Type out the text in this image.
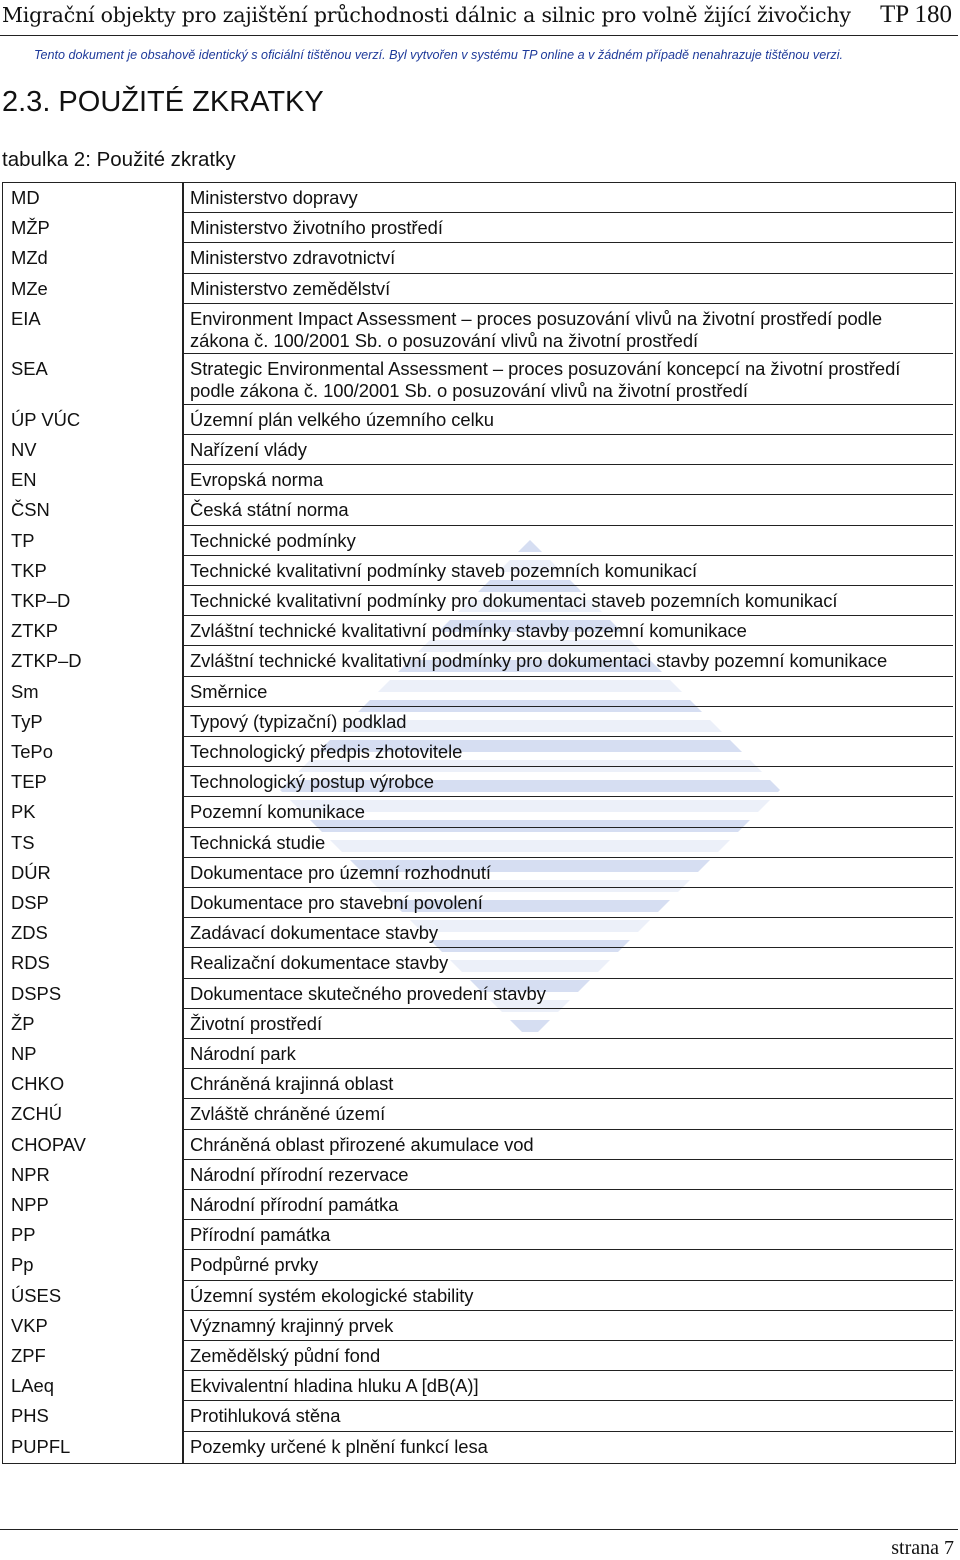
Migrační objekty pro zajištění průchodnosti dálnic a silnic pro volně žijící živočichy TP 180
Tento dokument je obsahově identický s oficiální tištěnou verzí. Byl vytvořen v systému TP online a v žádném případě nenahrazuje tištěnou verzi.
2.3. POUŽITÉ ZKRATKY
tabulka 2: Použité zkratky
MD	Ministerstvo dopravy
MŽP	Ministerstvo životního prostředí
MZd	Ministerstvo zdravotnictví
MZe	Ministerstvo zemědělství
EIA	Environment Impact Assessment – proces posuzování vlivů na životní prostředí podle zákona č. 100/2001 Sb. o posuzování vlivů na životní prostředí
SEA	Strategic Environmental Assessment – proces posuzování koncepcí na životní prostředí podle zákona č. 100/2001 Sb. o posuzování vlivů na životní prostředí
ÚP VÚC	Územní plán velkého územního celku
NV	Nařízení vlády
EN	Evropská norma
ČSN	Česká státní norma
TP	Technické podmínky
TKP	Technické kvalitativní podmínky staveb pozemních komunikací
TKP–D	Technické kvalitativní podmínky pro dokumentaci staveb pozemních komunikací
ZTKP	Zvláštní technické kvalitativní podmínky stavby pozemní komunikace
ZTKP–D	Zvláštní technické kvalitativní podmínky pro dokumentaci stavby pozemní komunikace
Sm	Směrnice
TyP	Typový (typizační) podklad
TePo	Technologický předpis zhotovitele
TEP	Technologický postup výrobce
PK	Pozemní komunikace
TS	Technická studie
DÚR	Dokumentace pro územní rozhodnutí
DSP	Dokumentace pro stavební povolení
ZDS	Zadávací dokumentace stavby
RDS	Realizační dokumentace stavby
DSPS	Dokumentace skutečného provedení stavby
ŽP	Životní prostředí
NP	Národní park
CHKO	Chráněná krajinná oblast
ZCHÚ	Zvláště chráněné území
CHOPAV	Chráněná oblast přirozené akumulace vod
NPR	Národní přírodní rezervace
NPP	Národní přírodní památka
PP	Přírodní památka
Pp	Podpůrné prvky
ÚSES	Územní systém ekologické stability
VKP	Významný krajinný prvek
ZPF	Zemědělský půdní fond
LAeq	Ekvivalentní hladina hluku A [dB(A)]
PHS	Protihluková stěna
PUPFL	Pozemky určené k plnění funkcí lesa
strana 7
